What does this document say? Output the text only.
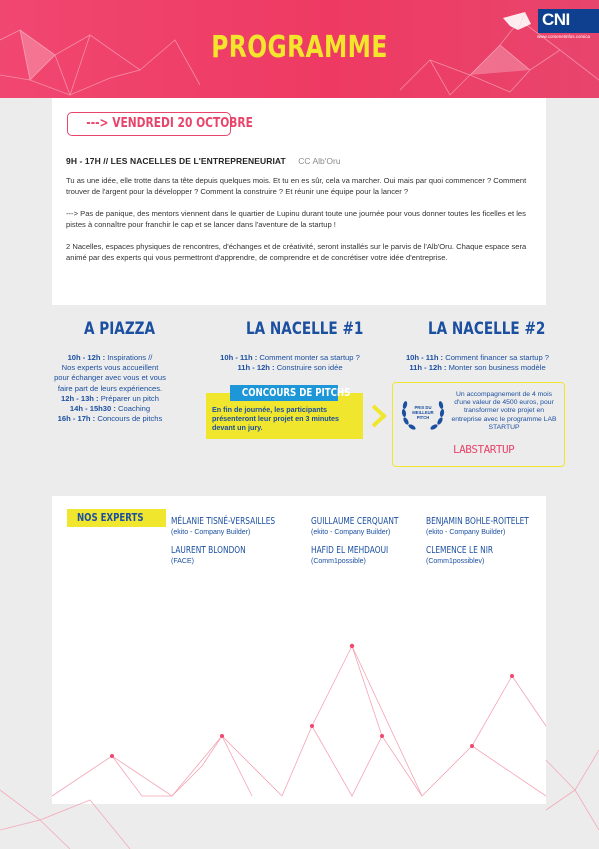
PROGRAMME
CNI
www.corsenetinfos.corsica
---> VENDREDI 20 OCTOBRE
9H - 17H // LES NACELLES DE L'ENTREPRENEURIAT CC Alb'Oru
Tu as une idée, elle trotte dans ta tête depuis quelques mois. Et tu en es sûr, cela va marcher. Oui mais par quoi commencer ? Comment trouver de l'argent pour la développer ? Comment la construire ? Et réunir une équipe pour la lancer ?
---> Pas de panique, des mentors viennent dans le quartier de Lupinu durant toute une journée pour vous donner toutes les ficelles et les pistes à connaître pour franchir le cap et se lancer dans l'aventure de la startup !
2 Nacelles, espaces physiques de rencontres, d'échanges et de créativité, seront installés sur le parvis de l'Alb'Oru. Chaque espace sera animé par des experts qui vous permettront d'apprendre, de comprendre et de concrétiser votre idée d'entreprise.
A PIAZZA
10h - 12h : Inspirations //
Nos experts vous accueillent
pour échanger avec vous et vous
faire part de leurs expériences.
12h - 13h : Préparer un pitch
14h - 15h30 : Coaching
16h - 17h : Concours de pitchs
LA NACELLE #1
10h - 11h : Comment monter sa startup ?
11h - 12h : Construire son idée
LA NACELLE #2
10h - 11h : Comment financer sa startup ?
11h - 12h : Monter son business modèle
CONCOURS DE PITCHS
En fin de journée, les participants présenteront leur projet en 3 minutes devant un jury.
PRIX DU
MEILLEUR
PITCH
Un accompagnement de 4 mois d'une valeur de 4500 euros, pour transformer votre projet en entreprise avec le programme LAB STARTUP
LABSTARTUP
NOS EXPERTS	MÉLANIE TISNÉ-VERSAILLES
(ekito - Company Builder)
GUILLAUME CERQUANT
(ekito - Company Builder)
BENJAMIN BOHLE-ROITELET
(ekito - Company Builder)
LAURENT BLONDON
(FACE)
HAFID EL MEHDAOUI
(Comm1possible)
CLEMENCE LE NIR
(Comm1possiblev)
